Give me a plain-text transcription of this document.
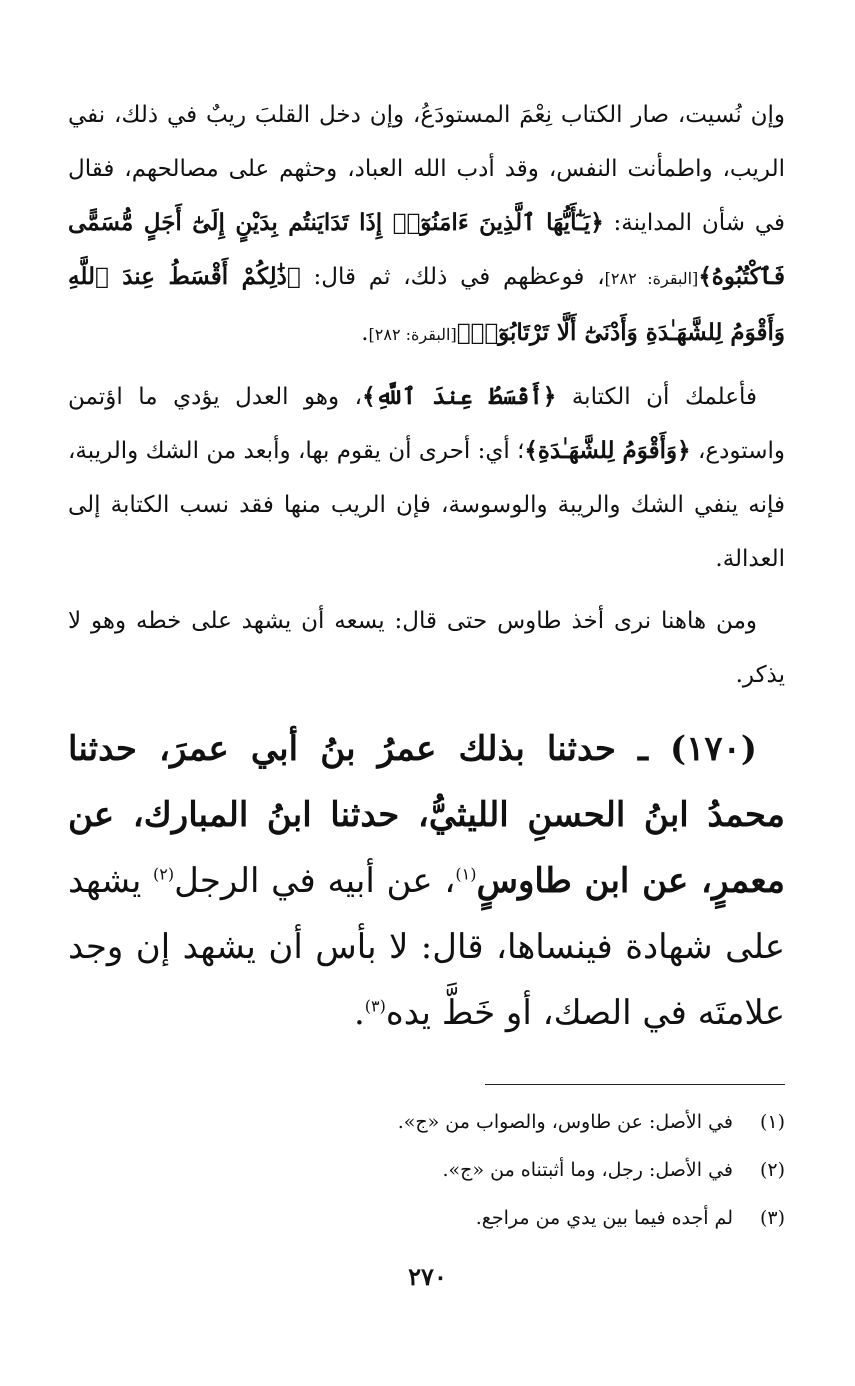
وإن نُسيت، صار الكتاب نِعْمَ المستودَعُ، وإن دخل القلبَ ريبٌ في ذلك، نفي الريب، واطمأنت النفس، وقد أدب الله العباد، وحثهم على مصالحهم، فقال في شأن المداينة: ﴿يَـٰٓأَيُّهَا ٱلَّذِينَ ءَامَنُوٓا۟ إِذَا تَدَايَنتُم بِدَيْنٍ إِلَىٰٓ أَجَلٍ مُّسَمًّى فَٱكْتُبُوهُ﴾[البقرة: ٢٨٢]، فوعظهم في ذلك، ثم قال: ﴿ذَٰلِكُمْ أَقْسَطُ عِندَ ٱللَّهِ وَأَقْوَمُ لِلشَّهَـٰدَةِ وَأَدْنَىٰٓ أَلَّا تَرْتَابُوٓا۟﴾[البقرة: ٢٨٢].

فأعلمك أن الكتابة ﴿أَقْسَطُ عِندَ ٱللَّهِ﴾، وهو العدل يؤدي ما اؤتمن واستودع، ﴿وَأَقْوَمُ لِلشَّهَـٰدَةِ﴾؛ أي: أحرى أن يقوم بها، وأبعد من الشك والريبة، فإنه ينفي الشك والريبة والوسوسة، فإن الريب منها فقد نسب الكتابة إلى العدالة.

ومن هاهنا نرى أخذ طاوس حتى قال: يسعه أن يشهد على خطه وهو لا يذكر.

(١٧٠) ـ حدثنا بذلك عمرُ بنُ أبي عمرَ، حدثنا محمدُ ابنُ الحسنِ الليثيُّ، حدثنا ابنُ المبارك، عن معمرٍ، عن ابن طاوسٍ$^{(١)}$، عن أبيه في الرجل$^{(٢)}$ يشهد على شهادة فينساها، قال: لا بأس أن يشهد إن وجد علامتَه في الصك، أو خَطَّ يده$^{(٣)}$.

(١)
في الأصل: عن طاوس، والصواب من «ج».
(٢)
في الأصل: رجل، وما أثبتناه من «ج».
(٣)
لم أجده فيما بين يدي من مراجع.
٢٧٠
